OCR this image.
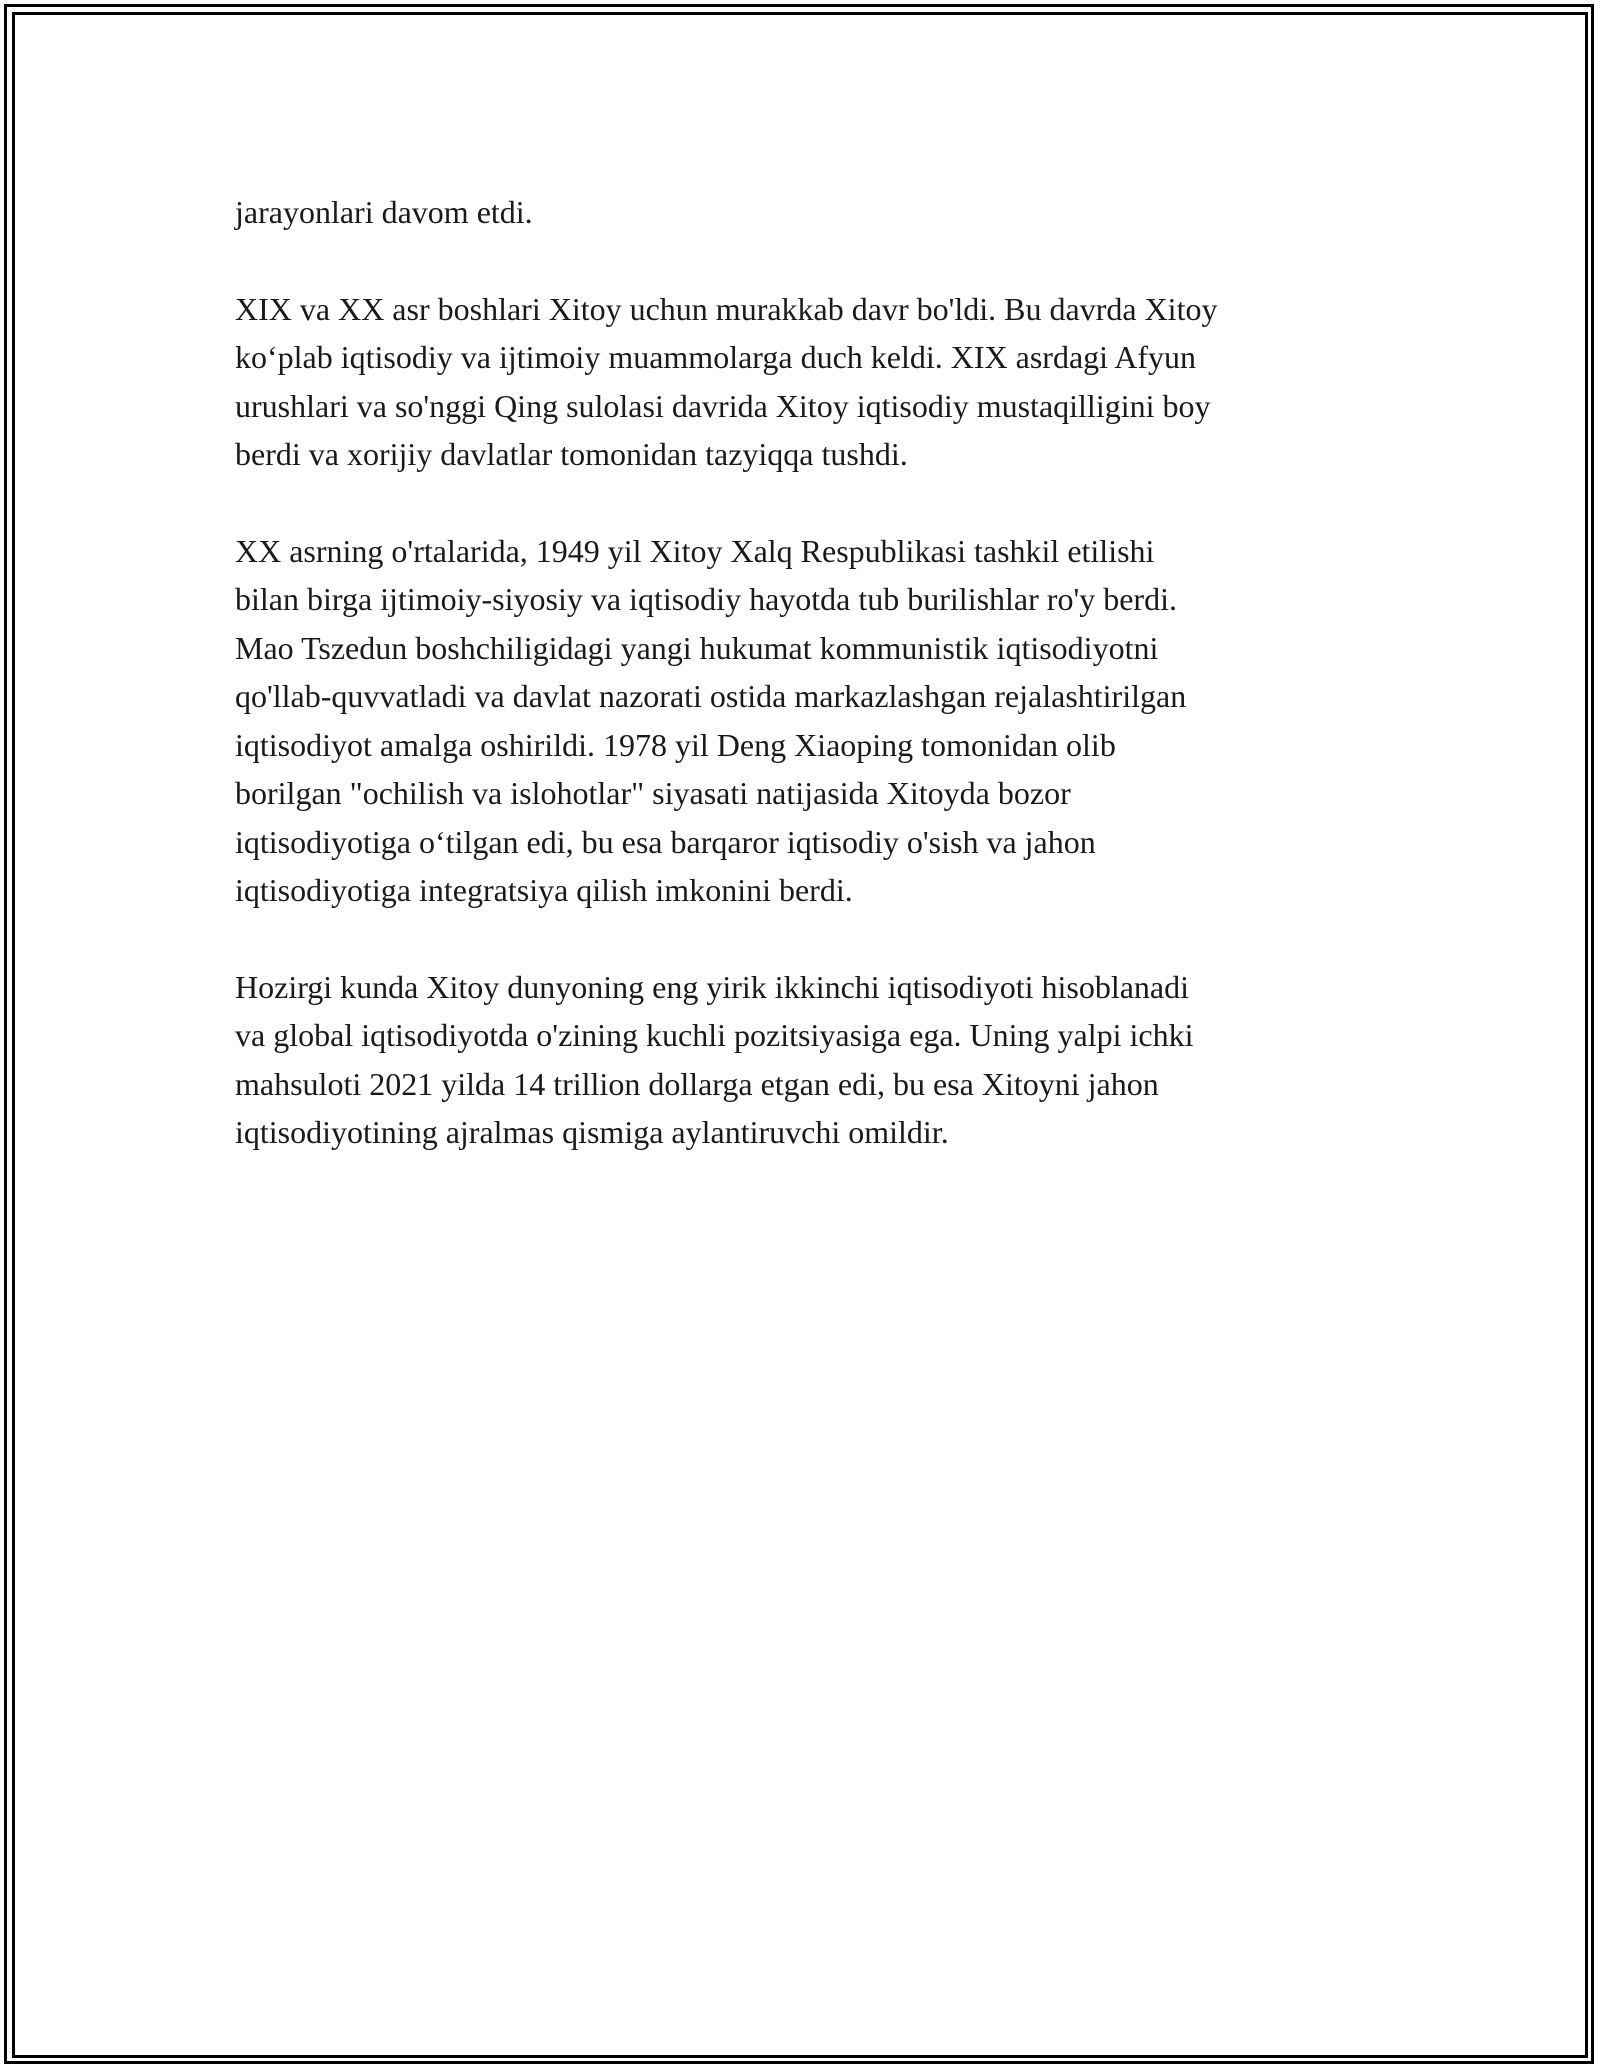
jarayonlari davom etdi.

XIX va XX asr boshlari Xitoy uchun murakkab davr bo'ldi. Bu davrda Xitoy
ko‘plab iqtisodiy va ijtimoiy muammolarga duch keldi. XIX asrdagi Afyun
urushlari va so'nggi Qing sulolasi davrida Xitoy iqtisodiy mustaqilligini boy
berdi va xorijiy davlatlar tomonidan tazyiqqa tushdi.

XX asrning o'rtalarida, 1949 yil Xitoy Xalq Respublikasi tashkil etilishi
bilan birga ijtimoiy-siyosiy va iqtisodiy hayotda tub burilishlar ro'y berdi.
Mao Tszedun boshchiligidagi yangi hukumat kommunistik iqtisodiyotni
qo'llab-quvvatladi va davlat nazorati ostida markazlashgan rejalashtirilgan
iqtisodiyot amalga oshirildi. 1978 yil Deng Xiaoping tomonidan olib
borilgan "ochilish va islohotlar" siyasati natijasida Xitoyda bozor
iqtisodiyotiga o‘tilgan edi, bu esa barqaror iqtisodiy o'sish va jahon
iqtisodiyotiga integratsiya qilish imkonini berdi.

Hozirgi kunda Xitoy dunyoning eng yirik ikkinchi iqtisodiyoti hisoblanadi
va global iqtisodiyotda o'zining kuchli pozitsiyasiga ega. Uning yalpi ichki
mahsuloti 2021 yilda 14 trillion dollarga etgan edi, bu esa Xitoyni jahon
iqtisodiyotining ajralmas qismiga aylantiruvchi omildir.
